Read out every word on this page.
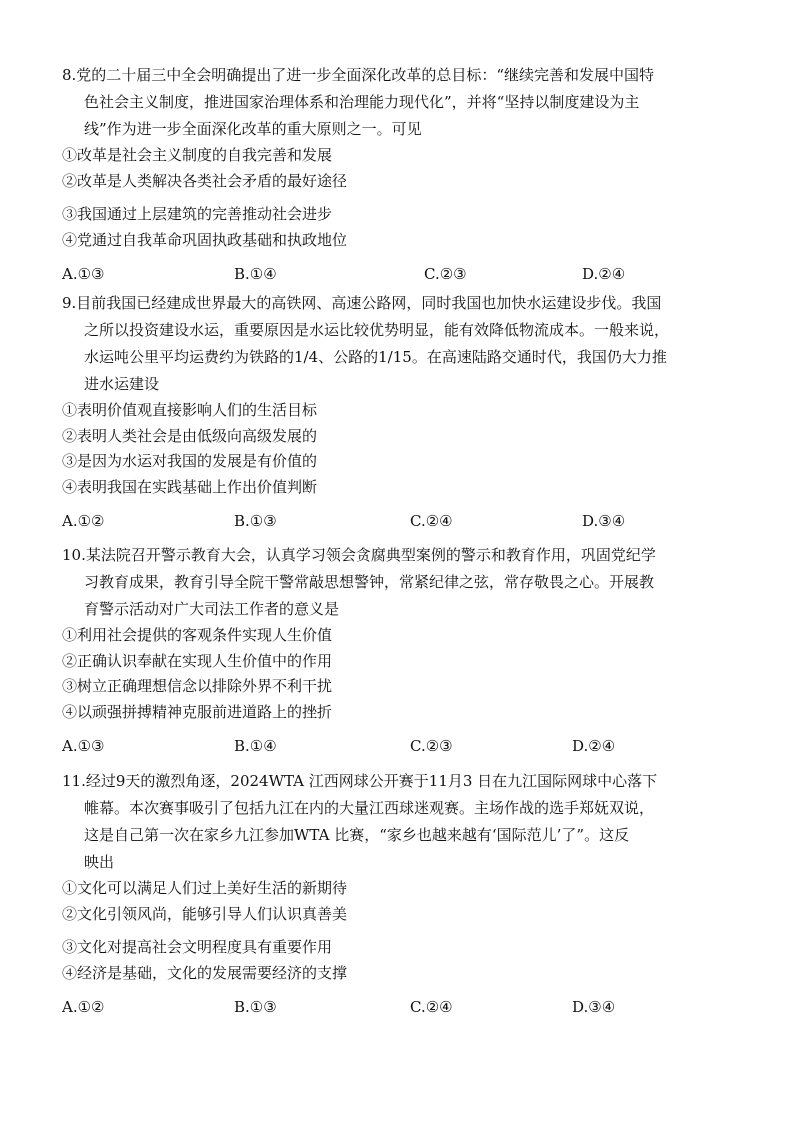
8.党的二十届三中全会明确提出了进一步全面深化改革的总目标：“继续完善和发展中国特
色社会主义制度，推进国家治理体系和治理能力现代化”，并将“坚持以制度建设为主
线”作为进一步全面深化改革的重大原则之一。可见
①改革是社会主义制度的自我完善和发展
②改革是人类解决各类社会矛盾的最好途径
③我国通过上层建筑的完善推动社会进步
④党通过自我革命巩固执政基础和执政地位
A.①③	B.①④	C.②③	D.②④
9.目前我国已经建成世界最大的高铁网、高速公路网，同时我国也加快水运建设步伐。我国
之所以投资建设水运，重要原因是水运比较优势明显，能有效降低物流成本。一般来说，
水运吨公里平均运费约为铁路的1/4、公路的1/15。在高速陆路交通时代，我国仍大力推
进水运建设
①表明价值观直接影响人们的生活目标
②表明人类社会是由低级向高级发展的
③是因为水运对我国的发展是有价值的
④表明我国在实践基础上作出价值判断
A.①②	B.①③	C.②④	D.③④
10.某法院召开警示教育大会，认真学习领会贪腐典型案例的警示和教育作用，巩固党纪学
习教育成果，教育引导全院干警常敲思想警钟，常紧纪律之弦，常存敬畏之心。开展教
育警示活动对广大司法工作者的意义是
①利用社会提供的客观条件实现人生价值
②正确认识奉献在实现人生价值中的作用
③树立正确理想信念以排除外界不利干扰
④以顽强拼搏精神克服前进道路上的挫折
A.①③	B.①④	C.②③	D.②④
11.经过9天的激烈角逐，2024WTA 江西网球公开赛于11月3 日在九江国际网球中心落下
帷幕。本次赛事吸引了包括九江在内的大量江西球迷观赛。主场作战的选手郑妩双说，
这是自己第一次在家乡九江参加WTA 比赛，“家乡也越来越有‘国际范儿’了”。这反
映出
①文化可以满足人们过上美好生活的新期待
②文化引领风尚，能够引导人们认识真善美
③文化对提高社会文明程度具有重要作用
④经济是基础，文化的发展需要经济的支撑
A.①②	B.①③	C.②④	D.③④
